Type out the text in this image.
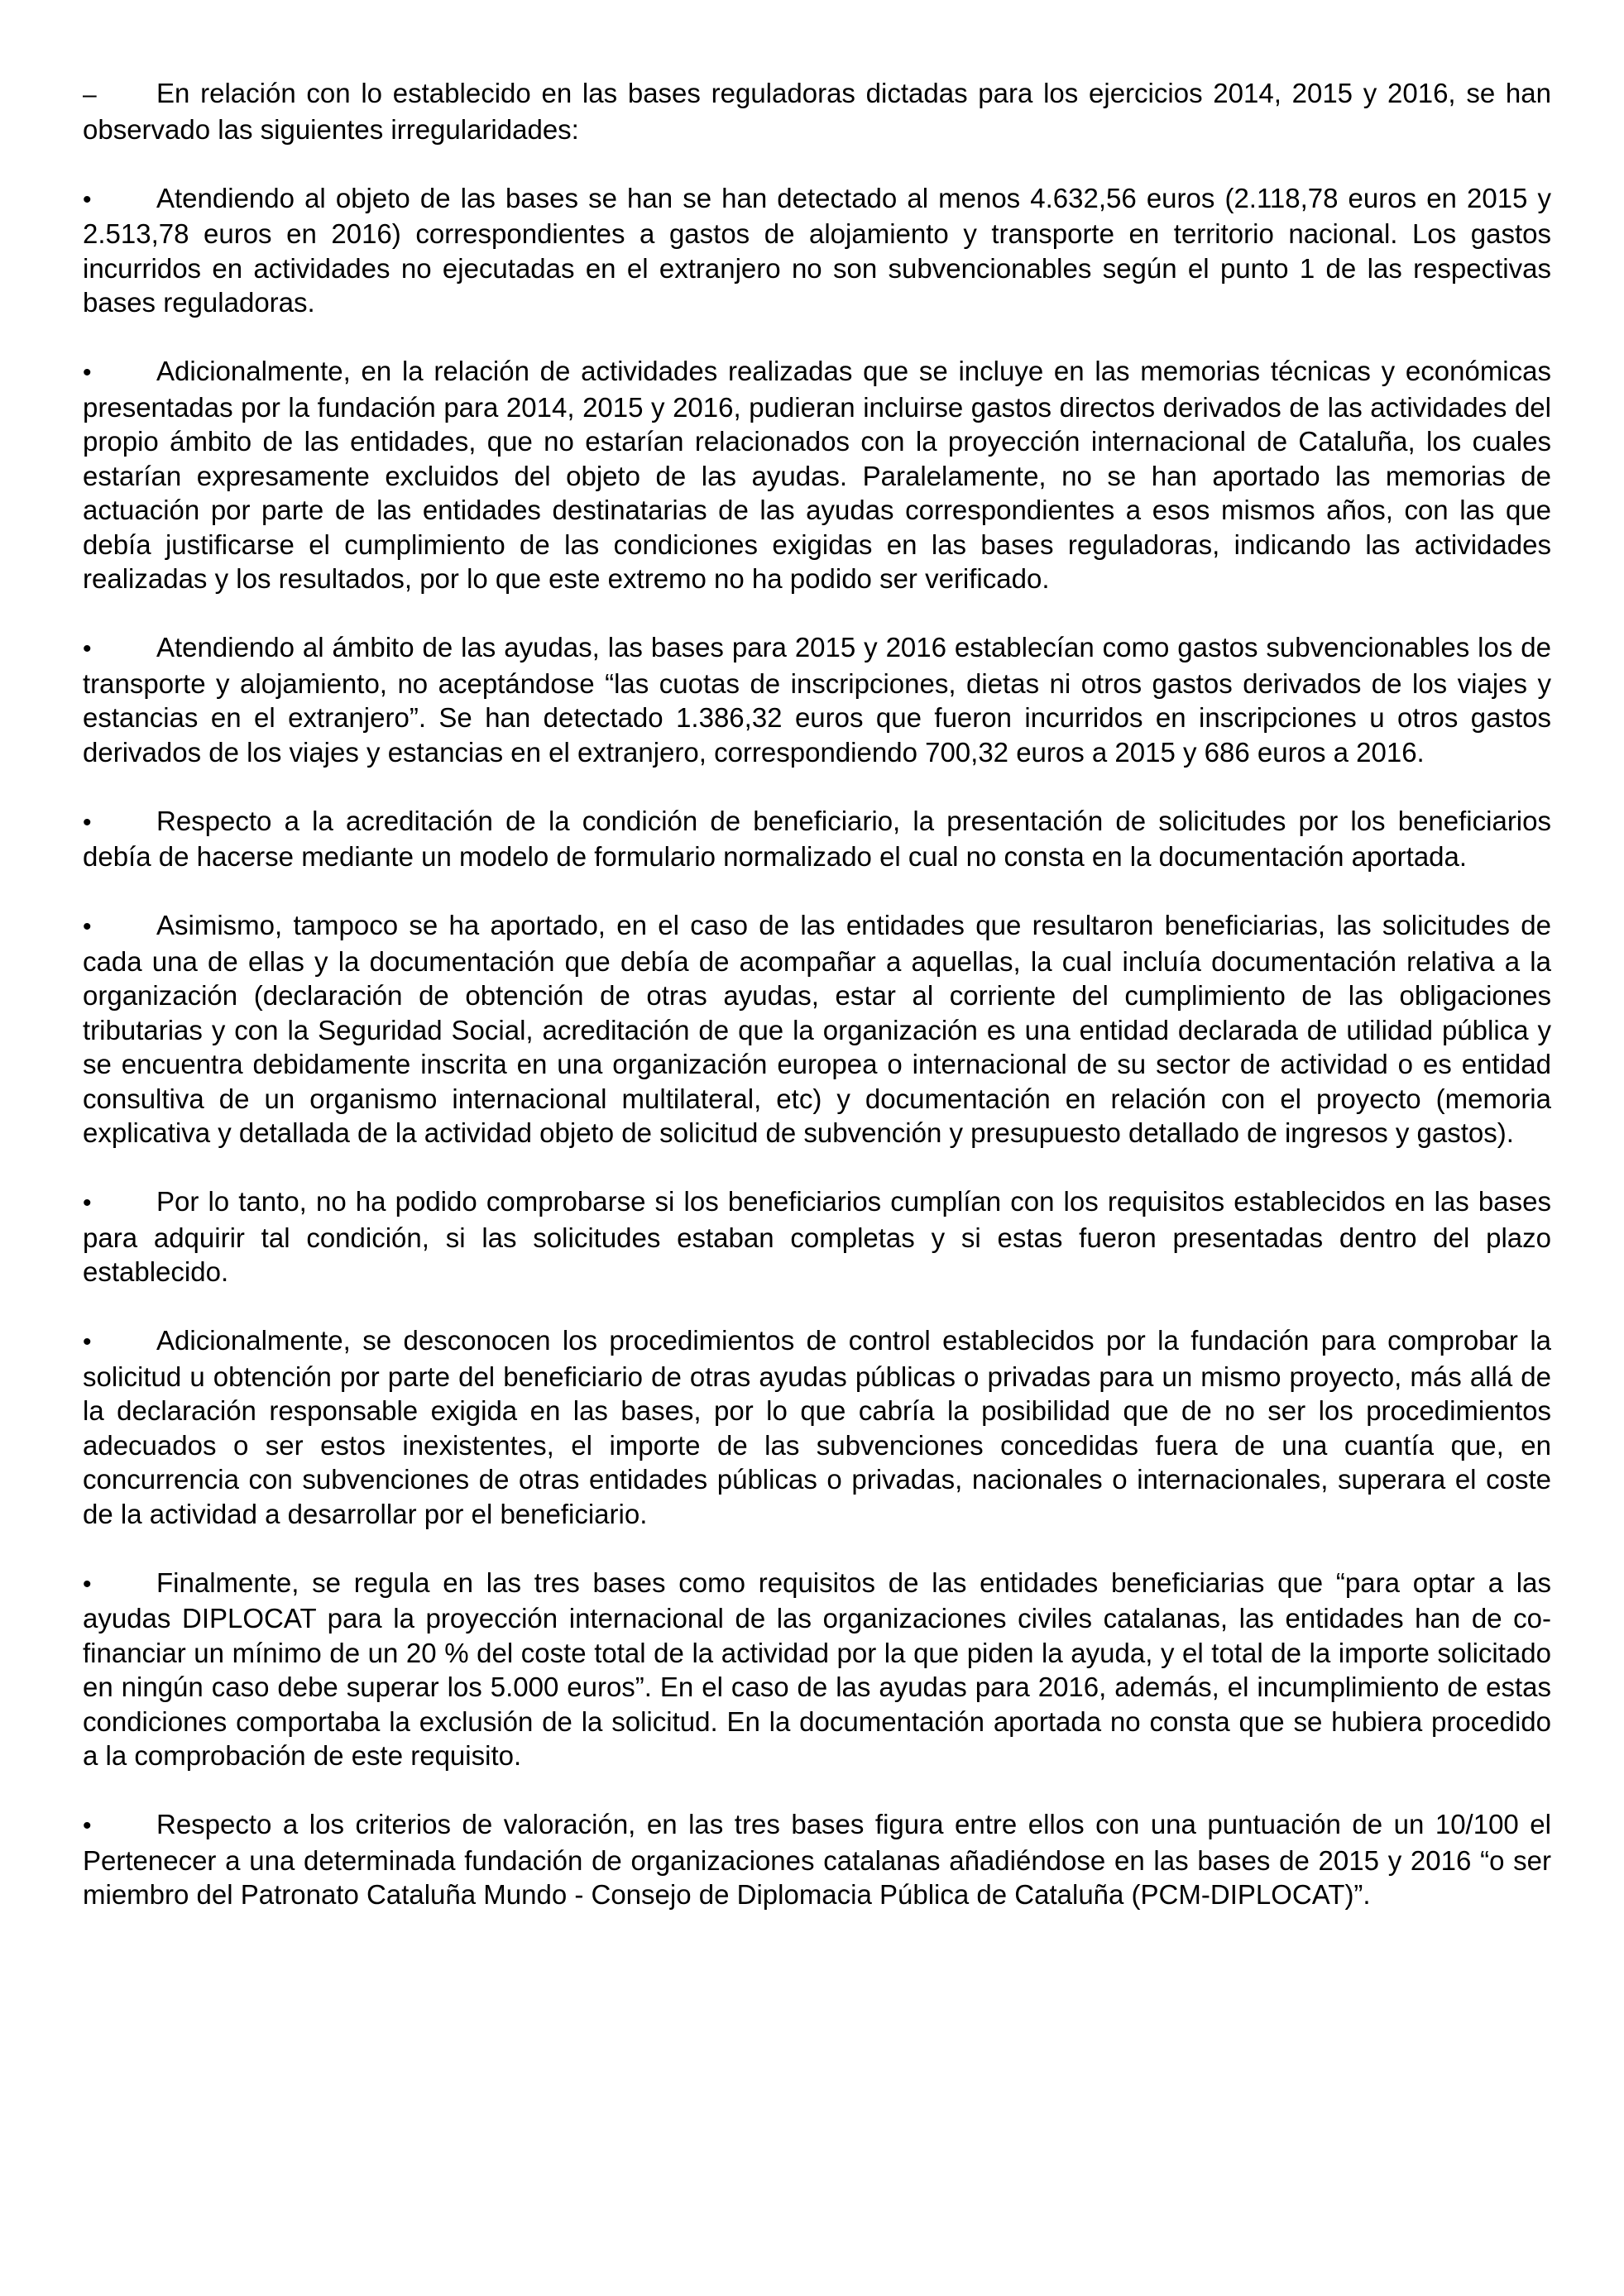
– En relación con lo establecido en las bases reguladoras dictadas para los ejercicios 2014, 2015 y 2016, se han observado las siguientes irregularidades:

• Atendiendo al objeto de las bases se han se han detectado al menos 4.632,56 euros (2.118,78 euros en 2015 y 2.513,78 euros en 2016) correspondientes a gastos de alojamiento y transporte en territorio nacional. Los gastos incurridos en actividades no ejecutadas en el extranjero no son subvencionables según el punto 1 de las respectivas bases reguladoras.

• Adicionalmente, en la relación de actividades realizadas que se incluye en las memorias técnicas y económicas presentadas por la fundación para 2014, 2015 y 2016, pudieran incluirse gastos directos derivados de las actividades del propio ámbito de las entidades, que no estarían relacionados con la proyección internacional de Cataluña, los cuales estarían expresamente excluidos del objeto de las ayudas. Paralelamente, no se han aportado las memorias de actuación por parte de las entidades destinatarias de las ayudas correspondientes a esos mismos años, con las que debía justificarse el cumplimiento de las condiciones exigidas en las bases reguladoras, indicando las actividades realizadas y los resultados, por lo que este extremo no ha podido ser verificado.

• Atendiendo al ámbito de las ayudas, las bases para 2015 y 2016 establecían como gastos subvencionables los de transporte y alojamiento, no aceptándose “las cuotas de inscripciones, dietas ni otros gastos derivados de los viajes y estancias en el extranjero”. Se han detectado 1.386,32 euros que fueron incurridos en inscripciones u otros gastos derivados de los viajes y estancias en el extranjero, correspondiendo 700,32 euros a 2015 y 686 euros a 2016.

• Respecto a la acreditación de la condición de beneficiario, la presentación de solicitudes por los beneficiarios debía de hacerse mediante un modelo de formulario normalizado el cual no consta en la documentación aportada.

• Asimismo, tampoco se ha aportado, en el caso de las entidades que resultaron beneficiarias, las solicitudes de cada una de ellas y la documentación que debía de acompañar a aquellas, la cual incluía documentación relativa a la organización (declaración de obtención de otras ayudas, estar al corriente del cumplimiento de las obligaciones tributarias y con la Seguridad Social, acreditación de que la organización es una entidad declarada de utilidad pública y se encuentra debidamente inscrita en una organización europea o internacional de su sector de actividad o es entidad consultiva de un organismo internacional multilateral, etc) y documentación en relación con el proyecto (memoria explicativa y detallada de la actividad objeto de solicitud de subvención y presupuesto detallado de ingresos y gastos).

• Por lo tanto, no ha podido comprobarse si los beneficiarios cumplían con los requisitos establecidos en las bases para adquirir tal condición, si las solicitudes estaban completas y si estas fueron presentadas dentro del plazo establecido.

• Adicionalmente, se desconocen los procedimientos de control establecidos por la fundación para comprobar la solicitud u obtención por parte del beneficiario de otras ayudas públicas o privadas para un mismo proyecto, más allá de la declaración responsable exigida en las bases, por lo que cabría la posibilidad que de no ser los procedimientos adecuados o ser estos inexistentes, el importe de las subvenciones concedidas fuera de una cuantía que, en concurrencia con subvenciones de otras entidades públicas o privadas, nacionales o internacionales, superara el coste de la actividad a desarrollar por el beneficiario.

• Finalmente, se regula en las tres bases como requisitos de las entidades beneficiarias que “para optar a las ayudas DIPLOCAT para la proyección internacional de las organizaciones civiles catalanas, las entidades han de co-financiar un mínimo de un 20 % del coste total de la actividad por la que piden la ayuda, y el total de la importe solicitado en ningún caso debe superar los 5.000 euros”. En el caso de las ayudas para 2016, además, el incumplimiento de estas condiciones comportaba la exclusión de la solicitud. En la documentación aportada no consta que se hubiera procedido a la comprobación de este requisito.

• Respecto a los criterios de valoración, en las tres bases figura entre ellos con una puntuación de un 10/100 el Pertenecer a una determinada fundación de organizaciones catalanas añadiéndose en las bases de 2015 y 2016 “o ser miembro del Patronato Cataluña Mundo - Consejo de Diplomacia Pública de Cataluña (PCM-DIPLOCAT)”.
